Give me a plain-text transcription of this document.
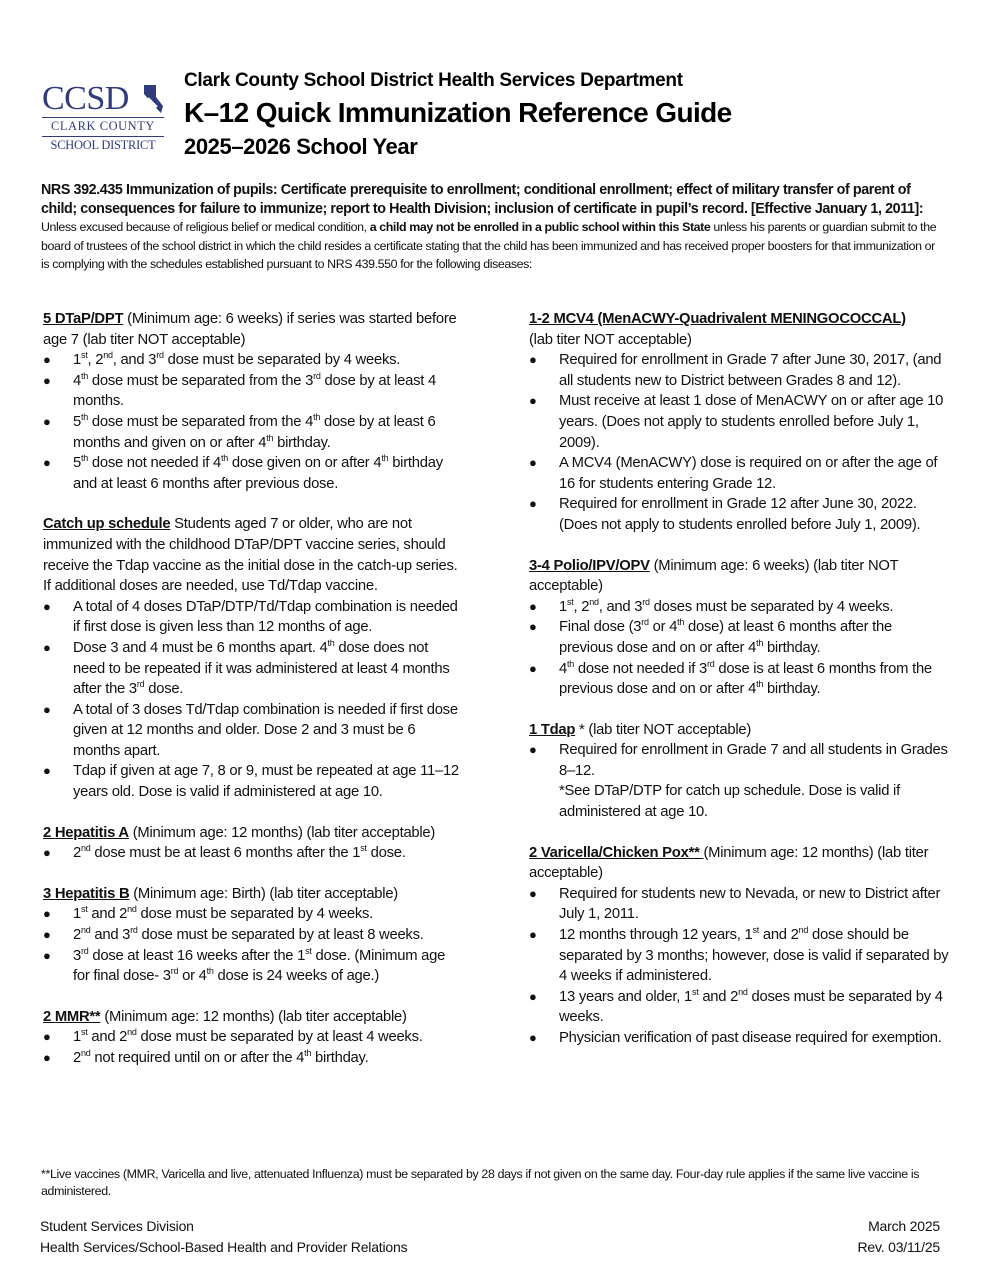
CCSD
CLARK COUNTY
SCHOOL DISTRICT
Clark County School District Health Services Department
K–12 Quick Immunization Reference Guide
2025–2026 School Year
NRS 392.435 Immunization of pupils: Certificate prerequisite to enrollment; conditional enrollment; effect of military transfer of parent of child; consequences for failure to immunize; report to Health Division; inclusion of certificate in pupil’s record. [Effective January 1, 2011]: Unless excused because of religious belief or medical condition, a child may not be enrolled in a public school within this State unless his parents or guardian submit to the board of trustees of the school district in which the child resides a certificate stating that the child has been immunized and has received proper boosters for that immunization or is complying with the schedules established pursuant to NRS 439.550 for the following diseases:
5 DTaP/DPT (Minimum age: 6 weeks) if series was started before age 7 (lab titer NOT acceptable)
● 1st, 2nd, and 3rd dose must be separated by 4 weeks.
● 4th dose must be separated from the 3rd dose by at least 4 months.
● 5th dose must be separated from the 4th dose by at least 6 months and given on or after 4th birthday.
● 5th dose not needed if 4th dose given on or after 4th birthday and at least 6 months after previous dose.
Catch up schedule Students aged 7 or older, who are not immunized with the childhood DTaP/DPT vaccine series, should receive the Tdap vaccine as the initial dose in the catch-up series. If additional doses are needed, use Td/Tdap vaccine.
● A total of 4 doses DTaP/DTP/Td/Tdap combination is needed if first dose is given less than 12 months of age.
● Dose 3 and 4 must be 6 months apart. 4th dose does not need to be repeated if it was administered at least 4 months after the 3rd dose.
● A total of 3 doses Td/Tdap combination is needed if first dose given at 12 months and older. Dose 2 and 3 must be 6 months apart.
● Tdap if given at age 7, 8 or 9, must be repeated at age 11–12 years old. Dose is valid if administered at age 10.
2 Hepatitis A (Minimum age: 12 months) (lab titer acceptable)
● 2nd dose must be at least 6 months after the 1st dose.
3 Hepatitis B (Minimum age: Birth) (lab titer acceptable)
● 1st and 2nd dose must be separated by 4 weeks.
● 2nd and 3rd dose must be separated by at least 8 weeks.
● 3rd dose at least 16 weeks after the 1st dose. (Minimum age for final dose- 3rd or 4th dose is 24 weeks of age.)
2 MMR** (Minimum age: 12 months) (lab titer acceptable)
● 1st and 2nd dose must be separated by at least 4 weeks.
● 2nd not required until on or after the 4th birthday.
1-2 MCV4 (MenACWY-Quadrivalent MENINGOCOCCAL)
(lab titer NOT acceptable)
● Required for enrollment in Grade 7 after June 30, 2017, (and all students new to District between Grades 8 and 12).
● Must receive at least 1 dose of MenACWY on or after age 10 years. (Does not apply to students enrolled before July 1, 2009).
● A MCV4 (MenACWY) dose is required on or after the age of 16 for students entering Grade 12.
● Required for enrollment in Grade 12 after June 30, 2022. (Does not apply to students enrolled before July 1, 2009).
3-4 Polio/IPV/OPV (Minimum age: 6 weeks) (lab titer NOT acceptable)
● 1st, 2nd, and 3rd doses must be separated by 4 weeks.
● Final dose (3rd or 4th dose) at least 6 months after the previous dose and on or after 4th birthday.
● 4th dose not needed if 3rd dose is at least 6 months from the previous dose and on or after 4th birthday.
1 Tdap * (lab titer NOT acceptable)
● Required for enrollment in Grade 7 and all students in Grades 8–12.
*See DTaP/DTP for catch up schedule. Dose is valid if administered at age 10.
2 Varicella/Chicken Pox** (Minimum age: 12 months) (lab titer acceptable)
● Required for students new to Nevada, or new to District after July 1, 2011.
● 12 months through 12 years, 1st and 2nd dose should be separated by 3 months; however, dose is valid if separated by 4 weeks if administered.
● 13 years and older, 1st and 2nd doses must be separated by 4 weeks.
● Physician verification of past disease required for exemption.
**Live vaccines (MMR, Varicella and live, attenuated Influenza) must be separated by 28 days if not given on the same day. Four-day rule applies if the same live vaccine is administered.
Student Services Division
Health Services/School-Based Health and Provider Relations
March 2025
Rev. 03/11/25
